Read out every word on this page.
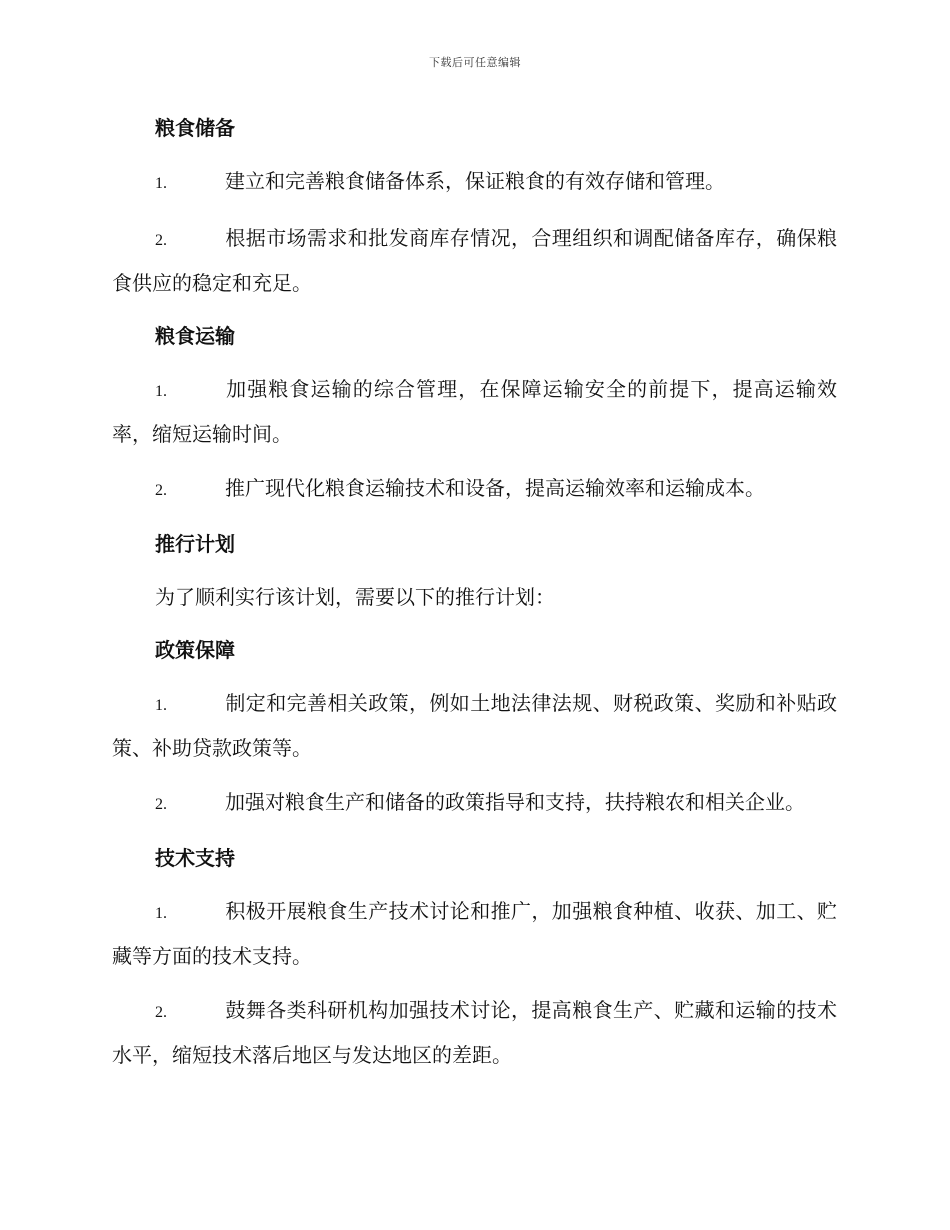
下载后可任意编辑
粮食储备

1.	建立和完善粮食储备体系，保证粮食的有效存储和管理。

2.	根据市场需求和批发商库存情况，合理组织和调配储备库存，确保粮食供应的稳定和充足。

粮食运输

1.	加强粮食运输的综合管理，在保障运输安全的前提下，提高运输效率，缩短运输时间。

2.	推广现代化粮食运输技术和设备，提高运输效率和运输成本。

推行计划

为了顺利实行该计划，需要以下的推行计划：

政策保障

1.	制定和完善相关政策，例如土地法律法规、财税政策、奖励和补贴政策、补助贷款政策等。

2.	加强对粮食生产和储备的政策指导和支持，扶持粮农和相关企业。

技术支持

1.	积极开展粮食生产技术讨论和推广，加强粮食种植、收获、加工、贮藏等方面的技术支持。

2.	鼓舞各类科研机构加强技术讨论，提高粮食生产、贮藏和运输的技术水平，缩短技术落后地区与发达地区的差距。
